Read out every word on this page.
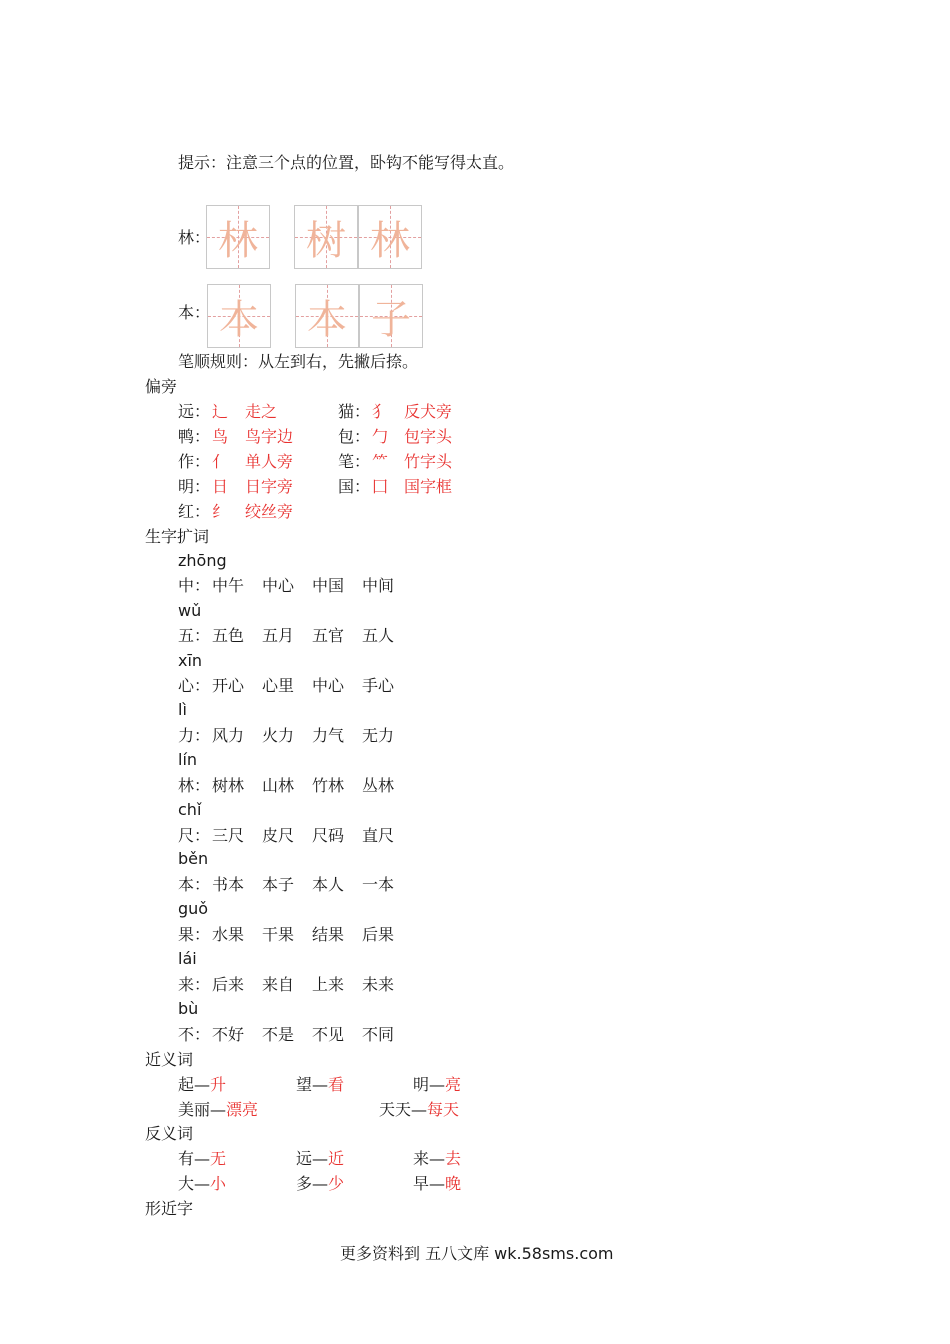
提示：注意三个点的位置，卧钩不能写得太直。
林： 林 树 林
本： 本 本 子
笔顺规则：从左到右，先撇后捺。
偏旁
远： 辶 走之	猫： 犭 反犬旁
鸭： 鸟 鸟字边	包： 勹 包字头
作： 亻 单人旁	笔： ⺮ 竹字头
明： 日 日字旁	国： 囗 国字框
红： 纟 绞丝旁
生字扩词
zhōng
中： 中午 中心 中国 中间
wǔ
五： 五色 五月 五官 五人
xīn
心： 开心 心里 中心 手心
lì
力： 风力 火力 力气 无力
lín
林： 树林 山林 竹林 丛林
chǐ
尺： 三尺 皮尺 尺码 直尺
běn
本： 书本 本子 本人 一本
guǒ
果： 水果 干果 结果 后果
lái
来： 后来 来自 上来 未来
bù
不： 不好 不是 不见 不同
近义词
起—升	望—看	明—亮
美丽—漂亮	天天—每天
反义词
有—无	远—近	来—去
大—小	多—少	早—晚
形近字
更多资料到 五八文库 wk.58sms.com
